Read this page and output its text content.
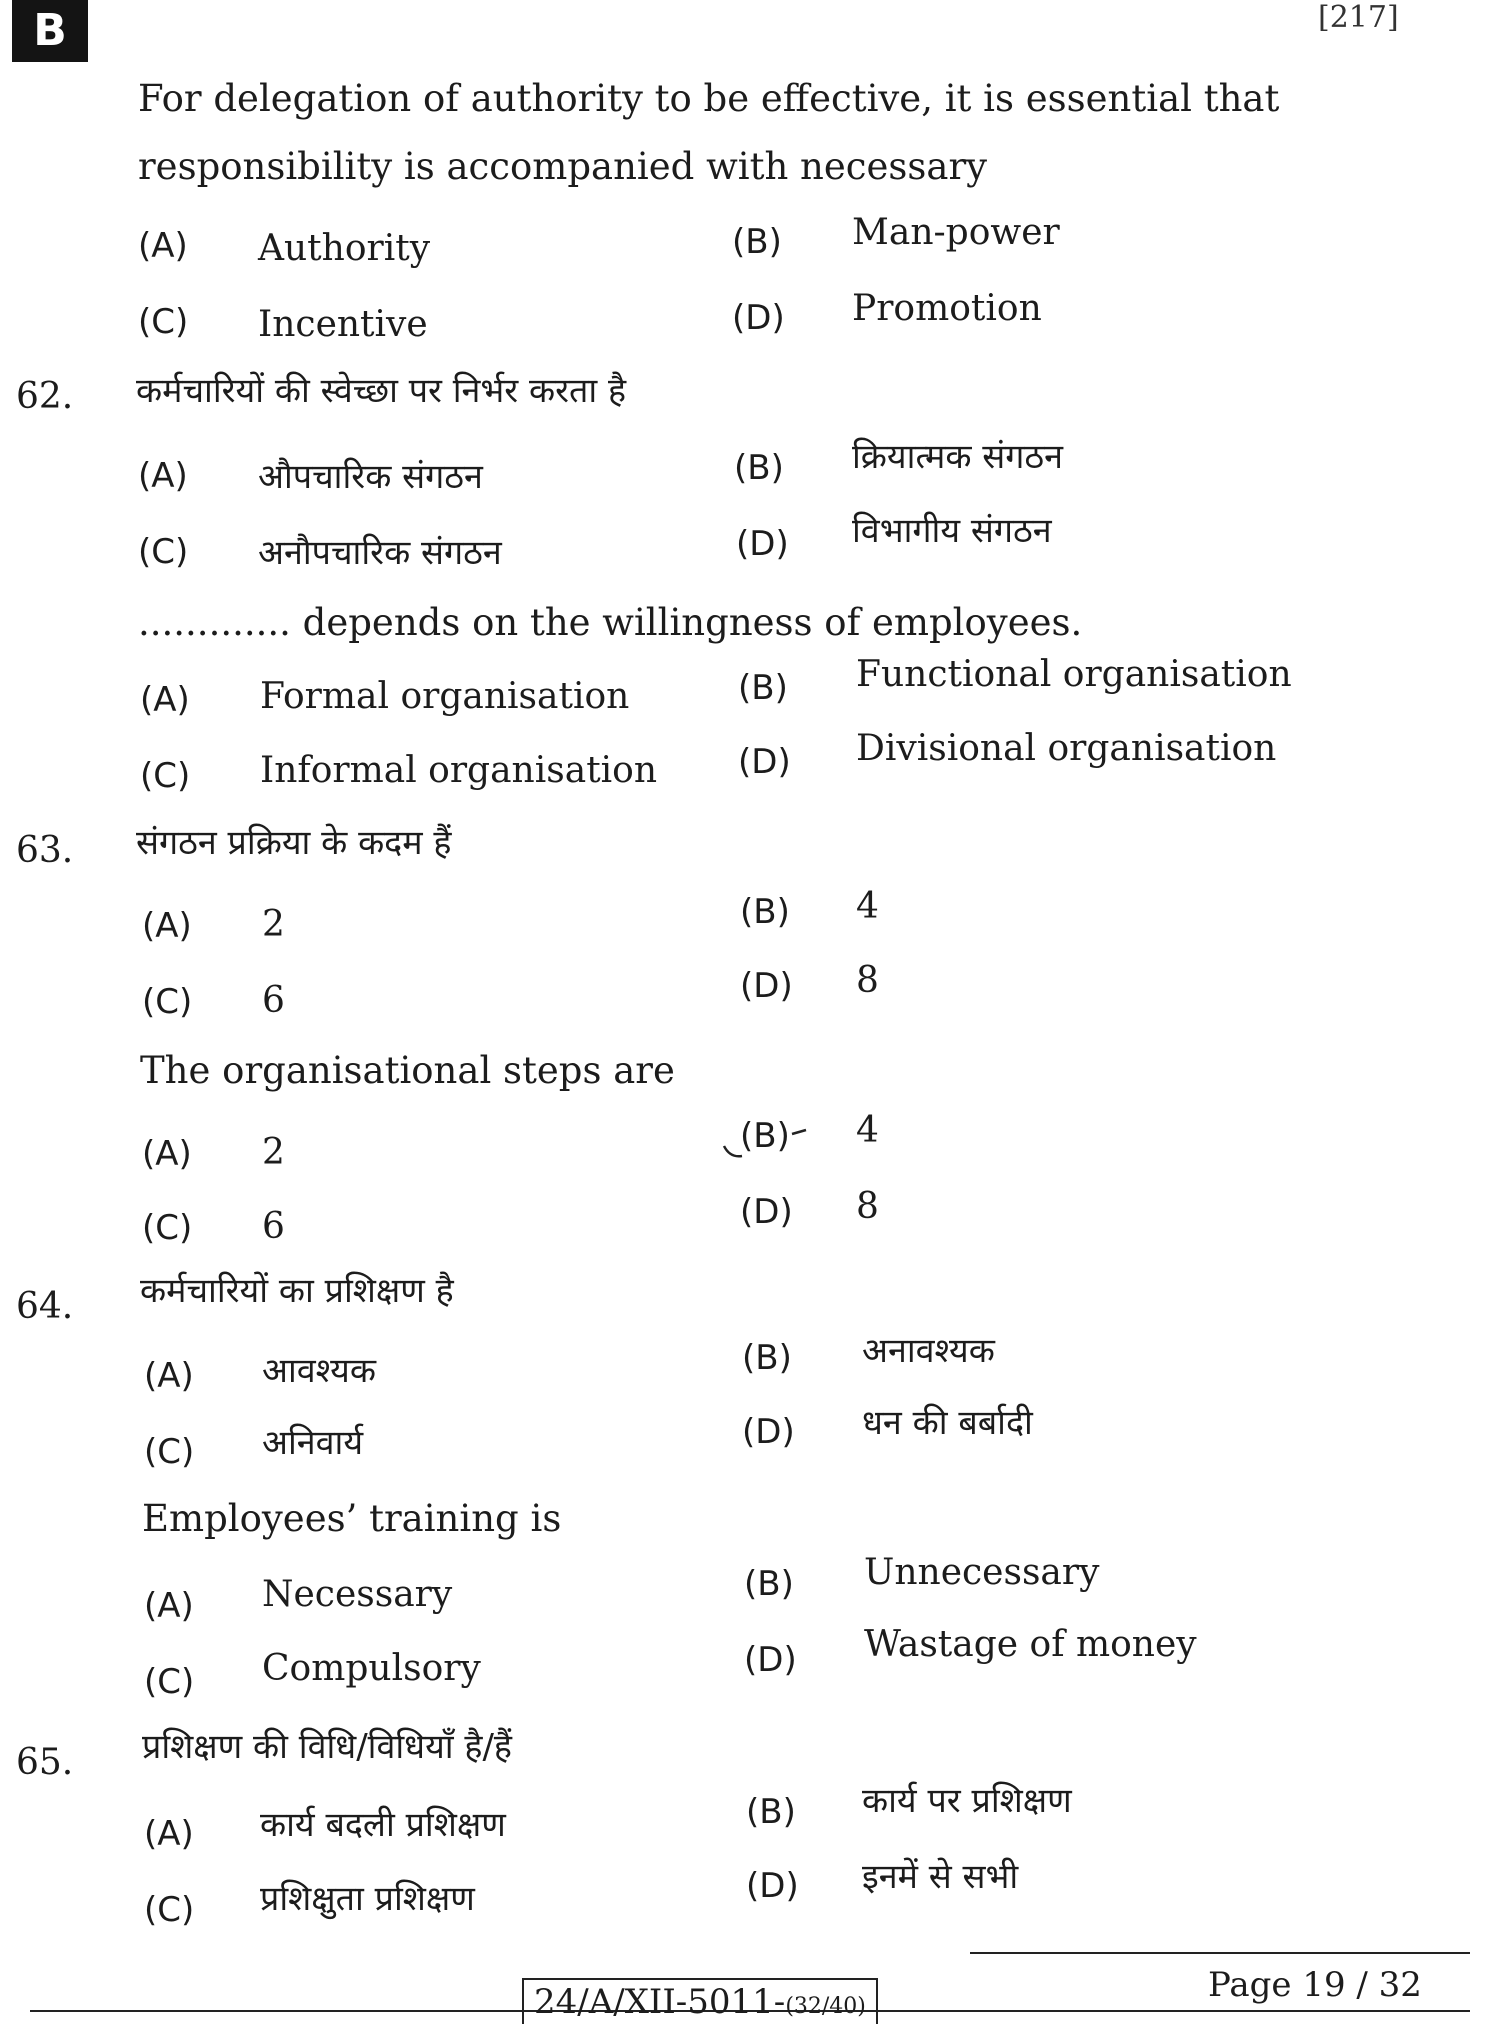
B	[217]
For delegation of authority to be effective, it is essential that
responsibility is accompanied with necessary
(A) Authority	(B) Man-power
(C) Incentive	(D) Promotion
62. कर्मचारियों की स्वेच्छा पर निर्भर करता है
(A) औपचारिक संगठन	(B) क्रियात्मक संगठन
(C) अनौपचारिक संगठन	(D) विभागीय संगठन
............. depends on the willingness of employees.
(A) Formal organisation	(B) Functional organisation
(C) Informal organisation (D) Divisional organisation
63. संगठन प्रक्रिया के कदम हैं
(A) 2	(B) 4
(C) 6	(D) 8
The organisational steps are
(A) 2	(B) 4
(C) 6	(D) 8
64. कर्मचारियों का प्रशिक्षण है
(A) आवश्यक	(B) अनावश्यक
(C) अनिवार्य	(D) धन की बर्बादी
Employees’ training is
(A) Necessary	(B) Unnecessary
(C) Compulsory	(D) Wastage of money
65. प्रशिक्षण की विधि/विधियाँ है/हैं
(A) कार्य बदली प्रशिक्षण	(B) कार्य पर प्रशिक्षण
(C) प्रशिक्षुता प्रशिक्षण	(D) इनमें से सभी
24/A/XII-5011-(32/40)
Page 19 / 32
